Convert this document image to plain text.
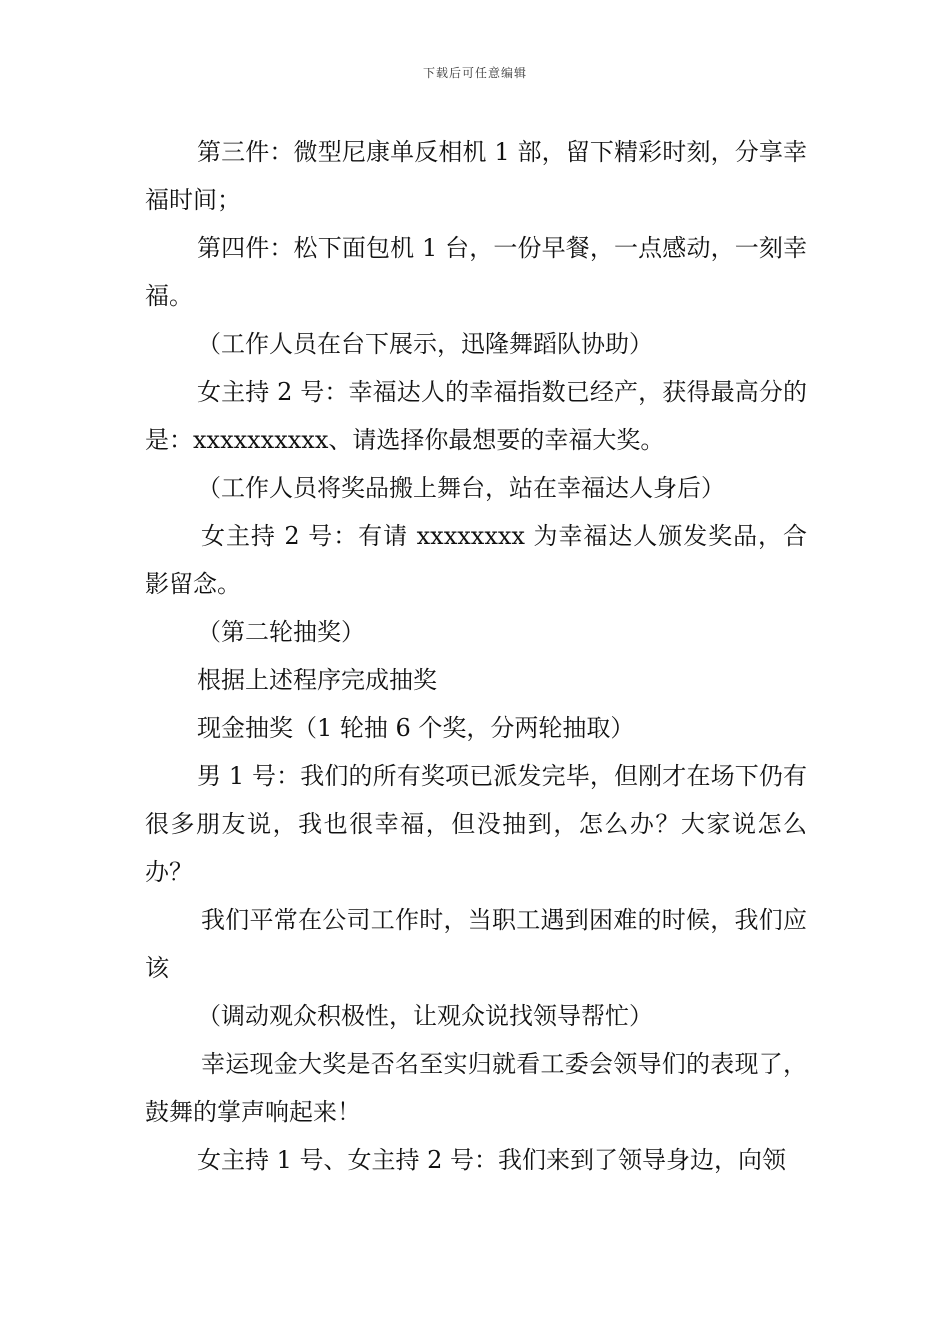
下载后可任意编辑

第三件：微型尼康单反相机 1 部，留下精彩时刻，分享幸福时间；

第四件：松下面包机 1 台，一份早餐，一点感动，一刻幸福。

（工作人员在台下展示，迅隆舞蹈队协助）

女主持 2 号：幸福达人的幸福指数已经产，获得最高分的是：xxxxxxxxxx、请选择你最想要的幸福大奖。

（工作人员将奖品搬上舞台，站在幸福达人身后）

女主持 2 号：有请 xxxxxxxx 为幸福达人颁发奖品，合影留念。

（第二轮抽奖）

根据上述程序完成抽奖

现金抽奖（1 轮抽 6 个奖，分两轮抽取）

男 1 号：我们的所有奖项已派发完毕，但刚才在场下仍有很多朋友说，我也很幸福，但没抽到，怎么办？大家说怎么办？

我们平常在公司工作时，当职工遇到困难的时候，我们应该

（调动观众积极性，让观众说找领导帮忙）

幸运现金大奖是否名至实归就看工委会领导们的表现了，鼓舞的掌声响起来！

女主持 1 号、女主持 2 号：我们来到了领导身边，向领
